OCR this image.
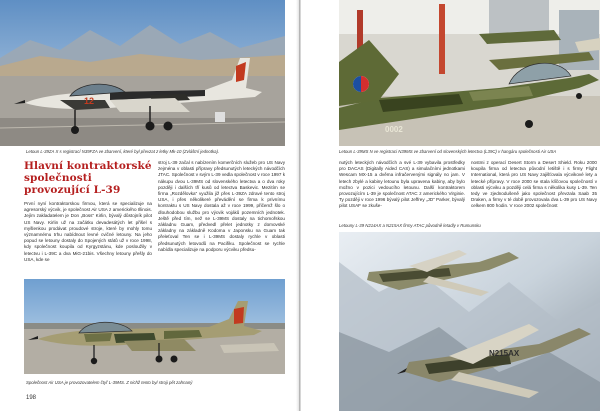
12
Letoun L-39ZA X s registrací N39FZA ve zbarvení, které byl převzat z letky Mk-10 (Zvláštní jednotka).
Hlavní kontraktorské
společnosti
provozující L-39

První nyní kontraktorskou firmou, která se specializuje na agresorský výcvik, je společnost Air USA z amerického Illinois. Jejím zakladatelem je Don „Boss“ Kirlin, bývalý důstojník pilot US Navy. Kirlin už na začátku devadesátých let přišel s myšlenkou prodávat proudové stroje, které by mohly tomu významnému trhu nabídnout levné cvičné letouny. Na jeho popud se letouny dostaly do Spojených států už v roce 1998, kdy společnost koupila od Kyrgyzstánu, kde posloužily v letectvu i L-39C a dva MiG-21bis. Všechny letouny přešly do USA, kde se

stroj L-39 začal s nabízením komerčních služeb pro US Navy zejména v oblasti přípravy předsunutých leteckých návodčích JTAC. Společnost v svým L-39 vedla společnost v roce 1997 k nákupu dvou L-39MS od slovenského letectva a o dva roky později i dalších tří kusů od letectva Baskevic. Mezitím se firma „Rozdělovka“ využila již přes L-39ZA zdravé tento stroj USA, i přes několikeré převádění se firma k privnímu kontraktu s US Navy dostala až v roce 1999, přičemž šlo o dlouhodobou službu pro výcvik vojáků pozemních jednotek. Ještě před tím, než se L-39MS dostaly na tichomořskou základnu Guam, předvedl přelet jednotky z domovské základny na základně Kodoma v Japonsku na Guam tak přeleťoval Ten se i L-39MS dostaly rychle v oblasti předsunutých letovodů na Pacifiku. Společnost se rychle nabídla specializuje na podporu výcviku předsu-

Společnost Air USA je provozovatelem čtyř L-39MS. Z nichž tento byl stroji pět zahnaný
198
0002
Letoun L-39MS N ve registraci N39MS ve zbarvení od slovenských letectva (L39C) v hangáru společnosti Air USA

nutých leteckých návodčích a své L-39 vybavila prostředky pro DACAS (Digitally Aided CAS) a simulačními jednotkami Wescam MX-15 a dvěma infračervenými signály no jam. V letech zbylé a kabiny letounu byla upravena kabiny, aby bylo možno v pozici vedoucího letounu. Další kontraktorem provozujícím L-39 je společnost ATAC z amerického Virginie. Ty později v roce 1996 bývalý pilot Jeffrey „JD“ Parker, bývalý pilot USAF se zkuše-

nostmi z operací Desert Storm a Desert Shield. Roku 2000 koupila firma od letectva původní letiště i s firmy Flight International, která pro US Navy zajišťovala výcvikové lety a letecké přípravy. V roce 2000 se stala klíčovou společností v oblasti výcviku a později celá firma s několika kusy L-39. Ten tedy ve zjednodušeně jako společnost převzala Saab 35 Draken, a firmy v té době provozovala dva L-39 pro US Navy celkem 800 hodin. V roce 2002 společnost

Letouny L-39 N214AX a N215AX firmy ATAC původně letadly v Rumunsku
N215AX
